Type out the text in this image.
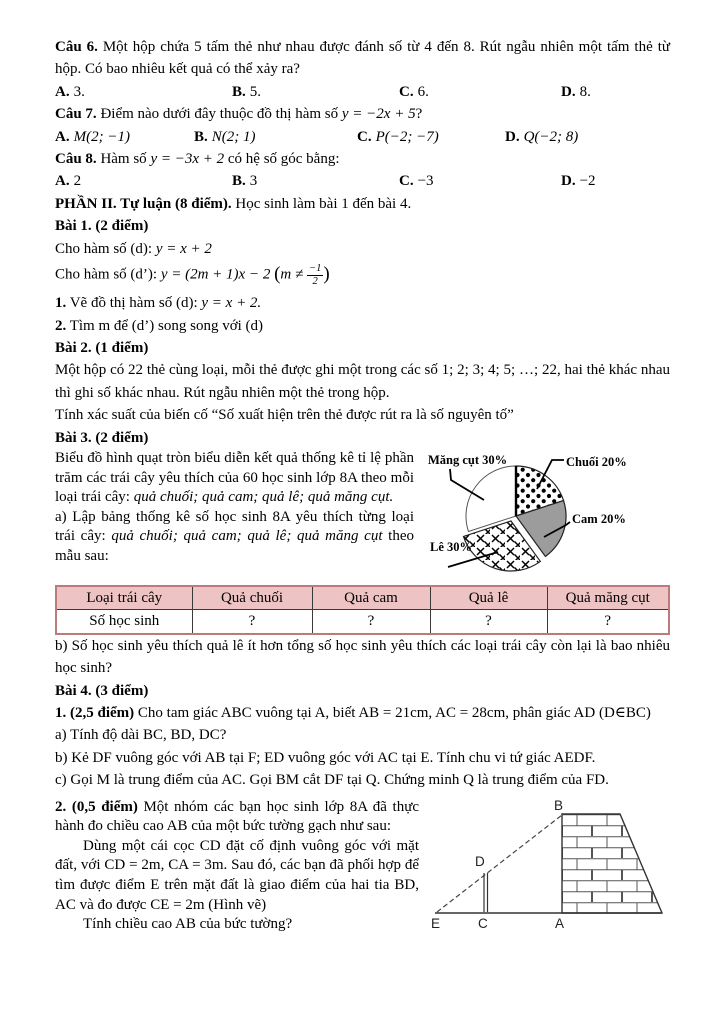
Câu 6. Một hộp chứa 5 tấm thẻ như nhau được đánh số từ 4 đến 8. Rút ngẫu nhiên một tấm thẻ từ hộp. Có bao nhiêu kết quả có thể xảy ra?

A. 3.	B. 5.	C. 6.	D. 8.

Câu 7. Điểm nào dưới đây thuộc đồ thị hàm số y = −2x + 5?

A. M(2; −1)	B. N(2; 1)	C. P(−2; −7)	D. Q(−2; 8)

Câu 8. Hàm số y = −3x + 2 có hệ số góc bằng:

A. 2	B. 3	C. −3	D. −2

PHẦN II. Tự luận (8 điểm). Học sinh làm bài 1 đến bài 4.

Bài 1. (2 điểm)

Cho hàm số (d): y = x + 2

Cho hàm số (d’): y = (2m + 1)x − 2 ($m \ne \frac{-1}{2}$ )

1. Vẽ đồ thị hàm số (d): y = x + 2.

2. Tìm m để (d’) song song với (d)

Bài 2. (1 điểm)

Một hộp có 22 thẻ cùng loại, mỗi thẻ được ghi một trong các số 1; 2; 3; 4; 5; …; 22, hai thẻ khác nhau thì ghi số khác nhau. Rút ngẫu nhiên một thẻ trong hộp.

Tính xác suất của biến cố “Số xuất hiện trên thẻ được rút ra là số nguyên tố”

Bài 3. (2 điểm)

Măng cụt 30%	Chuối 20%
Cam 20%
Lê 30%

Biểu đồ hình quạt tròn biểu diễn kết quả thống kê tỉ lệ phần trăm các trái cây yêu thích của 60 học sinh lớp 8A theo mỗi loại trái cây: quả chuối; quả cam; quả lê; quả măng cụt.

a) Lập bảng thống kê số học sinh 8A yêu thích từng loại trái cây: quả chuối; quả cam; quả lê; quả măng cụt theo mẫu sau:

Loại trái cây	Quả chuối	Quả cam	Quả lê	Quả măng cụt
Số học sinh	?	?	?	?

b) Số học sinh yêu thích quả lê ít hơn tổng số học sinh yêu thích các loại trái cây còn lại là bao nhiêu học sinh?

Bài 4. (3 điểm)

1. (2,5 điểm) Cho tam giác ABC vuông tại A, biết AB = 21cm, AC = 28cm, phân giác AD (D∈BC)

a) Tính độ dài BC, BD, DC?

b) Kẻ DF vuông góc với AB tại F; ED vuông góc với AC tại E. Tính chu vi tứ giác AEDF.

c) Gọi M là trung điểm của AC. Gọi BM cắt DF tại Q. Chứng minh Q là trung điểm của FD.

B
D
E	C	A

2. (0,5 điểm) Một nhóm các bạn học sinh lớp 8A đã thực hành đo chiều cao AB của một bức tường gạch như sau:

Dùng một cái cọc CD đặt cố định vuông góc với mặt đất, với CD = 2m, CA = 3m. Sau đó, các bạn đã phối hợp để tìm được điểm E trên mặt đất là giao điểm của hai tia BD, AC và đo được CE = 2m (Hình vẽ)

Tính chiều cao AB của bức tường?
